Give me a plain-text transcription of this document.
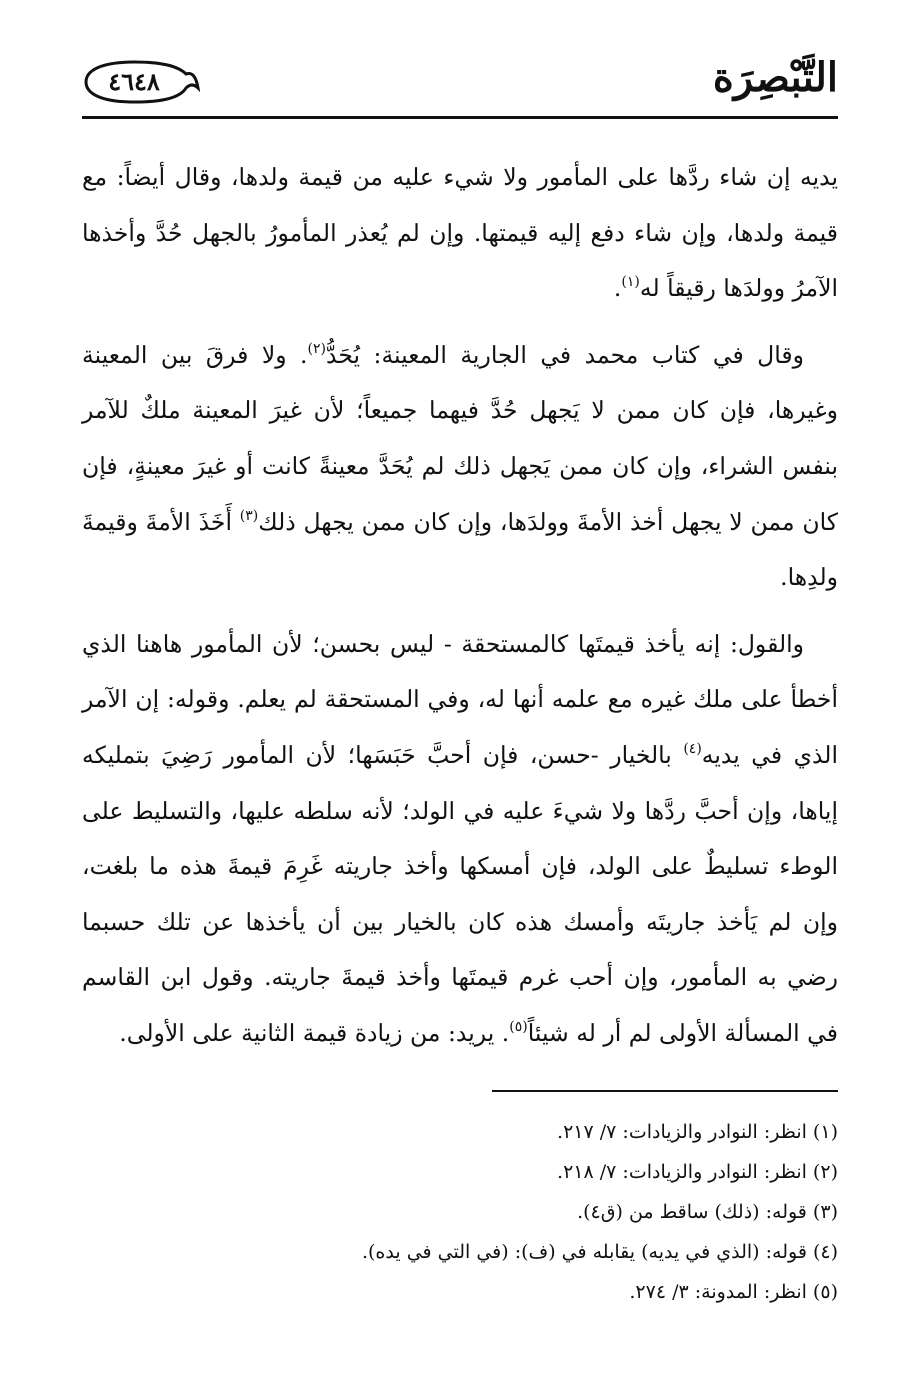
التَّبْصِرَة
٤٦٤٨

يديه إن شاء ردَّها على المأمور ولا شيء عليه من قيمة ولدها، وقال أيضاً: مع قيمة ولدها، وإن شاء دفع إليه قيمتها. وإن لم يُعذر المأمورُ بالجهل حُدَّ وأخذها الآمرُ وولدَها رقيقاً له$^{(١)}$.

وقال في كتاب محمد في الجارية المعينة: يُحَدُّ$^{(٢)}$. ولا فرقَ بين المعينة وغيرها، فإن كان ممن لا يَجهل حُدَّ فيهما جميعاً؛ لأن غيرَ المعينة ملكٌ للآمر بنفس الشراء، وإن كان ممن يَجهل ذلك لم يُحَدَّ معينةً كانت أو غيرَ معينةٍ، فإن كان ممن لا يجهل أخذ الأمةَ وولدَها، وإن كان ممن يجهل ذلك$^{(٣)}$ أَخَذَ الأمةَ وقيمةَ ولدِها.

والقول: إنه يأخذ قيمتَها كالمستحقة - ليس بحسن؛ لأن المأمور هاهنا الذي أخطأ على ملك غيره مع علمه أنها له، وفي المستحقة لم يعلم. وقوله: إن الآمر الذي في يديه$^{(٤)}$ بالخيار -حسن، فإن أحبَّ حَبَسَها؛ لأن المأمور رَضِيَ بتمليكه إياها، وإن أحبَّ ردَّها ولا شيءَ عليه في الولد؛ لأنه سلطه عليها، والتسليط على الوطء تسليطٌ على الولد، فإن أمسكها وأخذ جاريته غَرِمَ قيمةَ هذه ما بلغت، وإن لم يَأخذ جاريتَه وأمسك هذه كان بالخيار بين أن يأخذها عن تلك حسبما رضي به المأمور، وإن أحب غرم قيمتَها وأخذ قيمةَ جاريته. وقول ابن القاسم في المسألة الأولى لم أر له شيئاً$^{(٥)}$. يريد: من زيادة قيمة الثانية على الأولى.

(١) انظر: النوادر والزيادات: ٧/ ٢١٧.
(٢) انظر: النوادر والزيادات: ٧/ ٢١٨.
(٣) قوله: (ذلك) ساقط من (ق٤).
(٤) قوله: (الذي في يديه) يقابله في (ف): (في التي في يده).
(٥) انظر: المدونة: ٣/ ٢٧٤.
